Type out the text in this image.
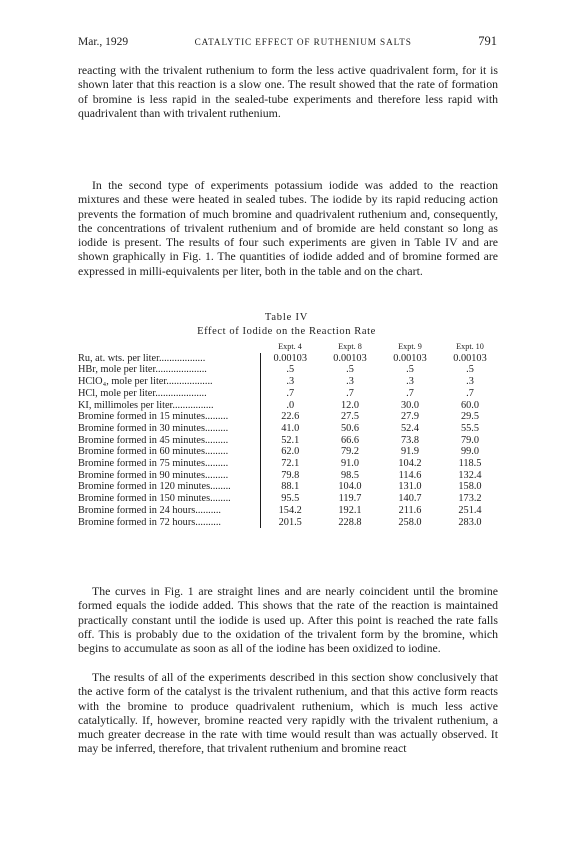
Mar., 1929	CATALYTIC EFFECT OF RUTHENIUM SALTS	791

reacting with the trivalent ruthenium to form the less active quadrivalent form, for it is shown later that this reaction is a slow one. The result showed that the rate of formation of bromine is less rapid in the sealed-tube experiments and therefore less rapid with quadrivalent than with trivalent ruthenium.

In the second type of experiments potassium iodide was added to the reaction mixtures and these were heated in sealed tubes. The iodide by its rapid reducing action prevents the formation of much bromine and quadrivalent ruthenium and, consequently, the concentrations of trivalent ruthenium and of bromide are held constant so long as iodide is present. The results of four such experiments are given in Table IV and are shown graphically in Fig. 1. The quantities of iodide added and of bromine formed are expressed in milli-equivalents per liter, both in the table and on the chart.

Table IV
Effect of Iodide on the Reaction Rate
	Expt. 4	Expt. 8	Expt. 9	Expt. 10
Ru, at. wts. per liter..................	0.00103	0.00103	0.00103	0.00103
HBr, mole per liter....................	.5	.5	.5	.5
HClO₄, mole per liter..................	.3	.3	.3	.3
HCl, mole per liter....................	.7	.7	.7	.7
KI, millimoles per liter................	.0	12.0	30.0	60.0
Bromine formed in 15 minutes.........	22.6	27.5	27.9	29.5
Bromine formed in 30 minutes.........	41.0	50.6	52.4	55.5
Bromine formed in 45 minutes.........	52.1	66.6	73.8	79.0
Bromine formed in 60 minutes.........	62.0	79.2	91.9	99.0
Bromine formed in 75 minutes.........	72.1	91.0	104.2	118.5
Bromine formed in 90 minutes.........	79.8	98.5	114.6	132.4
Bromine formed in 120 minutes........	88.1	104.0	131.0	158.0
Bromine formed in 150 minutes........	95.5	119.7	140.7	173.2
Bromine formed in 24 hours..........	154.2	192.1	211.6	251.4
Bromine formed in 72 hours..........	201.5	228.8	258.0	283.0

The curves in Fig. 1 are straight lines and are nearly coincident until the bromine formed equals the iodide added. This shows that the rate of the reaction is maintained practically constant until the iodide is used up. After this point is reached the rate falls off. This is probably due to the oxidation of the trivalent form by the bromine, which begins to accumulate as soon as all of the iodine has been oxidized to iodine.

The results of all of the experiments described in this section show conclusively that the active form of the catalyst is the trivalent ruthenium, and that this active form reacts with the bromine to produce quadrivalent ruthenium, which is much less active catalytically. If, however, bromine reacted very rapidly with the trivalent ruthenium, a much greater decrease in the rate with time would result than was actually observed. It may be inferred, therefore, that trivalent ruthenium and bromine react
